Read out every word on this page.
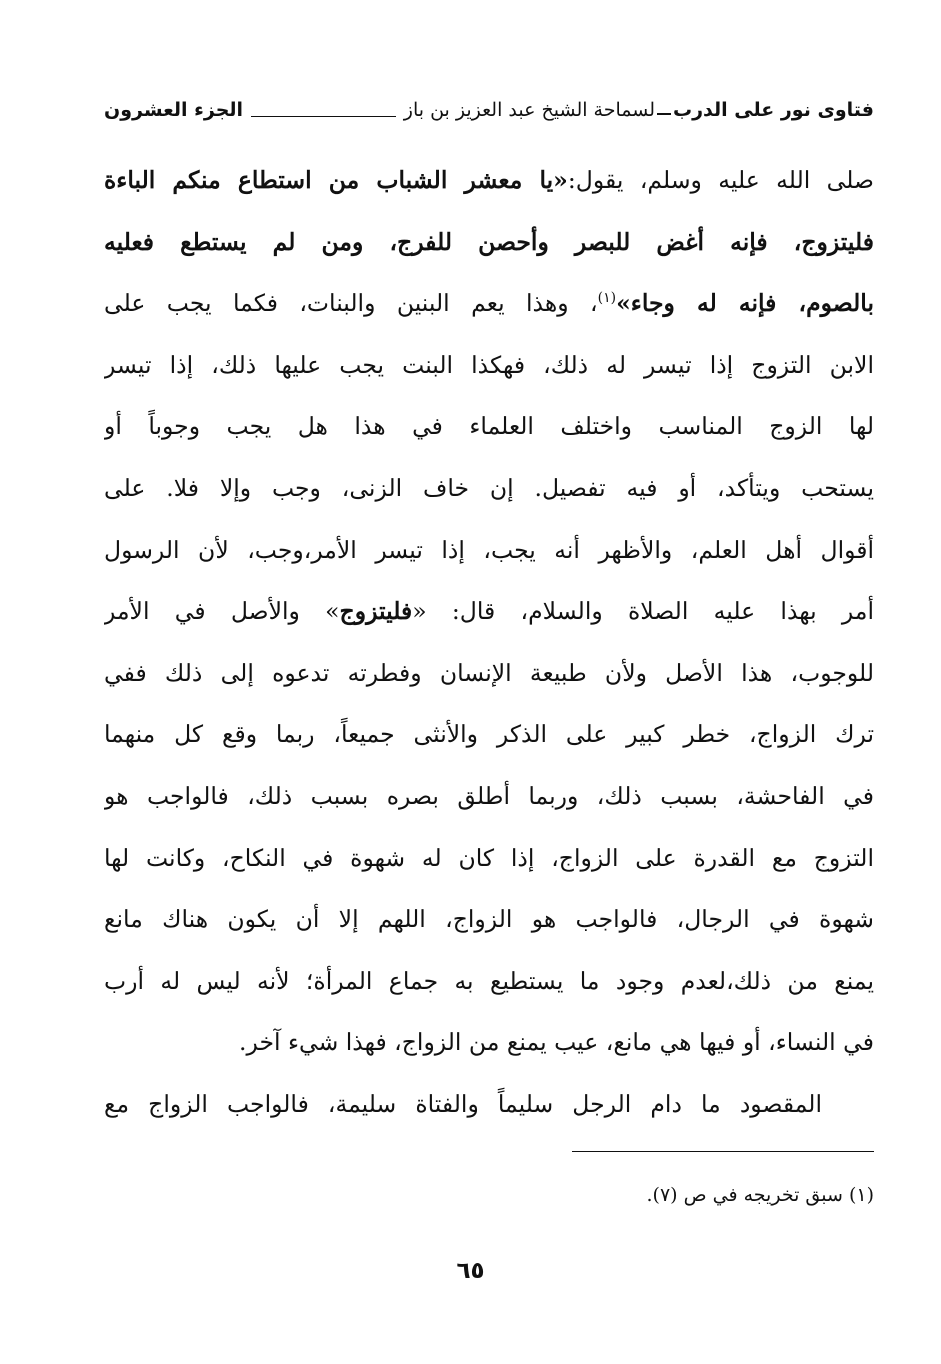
فتاوى نور على الدرب
لسماحة الشيخ عبد العزيز بن باز
الجزء العشرون
صلى الله عليه وسلم، يقول:«يا معشر الشباب من استطاع منكم الباءة
فليتزوج، فإنه أغض للبصر وأحصن للفرج، ومن لم يستطع فعليه
بالصوم، فإنه له وجاء»$^{(١)}$، وهذا يعم البنين والبنات، فكما يجب على
الابن التزوج إذا تيسر له ذلك، فهكذا البنت يجب عليها ذلك، إذا تيسر
لها الزوج المناسب واختلف العلماء في هذا هل يجب وجوباً أو
يستحب ويتأكد، أو فيه تفصيل. إن خاف الزنى، وجب وإلا فلا. على
أقوال أهل العلم، والأظهر أنه يجب، إذا تيسر الأمر،وجب، لأن الرسول
أمر بهذا عليه الصلاة والسلام، قال: «فليتزوج» والأصل في الأمر
للوجوب، هذا الأصل ولأن طبيعة الإنسان وفطرته تدعوه إلى ذلك ففي
ترك الزواج، خطر كبير على الذكر والأنثى جميعاً، ربما وقع كل منهما
في الفاحشة، بسبب ذلك، وربما أطلق بصره بسبب ذلك، فالواجب هو
التزوج مع القدرة على الزواج، إذا كان له شهوة في النكاح، وكانت لها
شهوة في الرجال، فالواجب هو الزواج، اللهم إلا أن يكون هناك مانع
يمنع من ذلك،لعدم وجود ما يستطيع به جماع المرأة؛ لأنه ليس له أرب
في النساء، أو فيها هي مانع، عيب يمنع من الزواج، فهذا شيء آخر.
المقصود ما دام الرجل سليماً والفتاة سليمة، فالواجب الزواج مع
(١) سبق تخريجه في ص (٧).
٦٥
